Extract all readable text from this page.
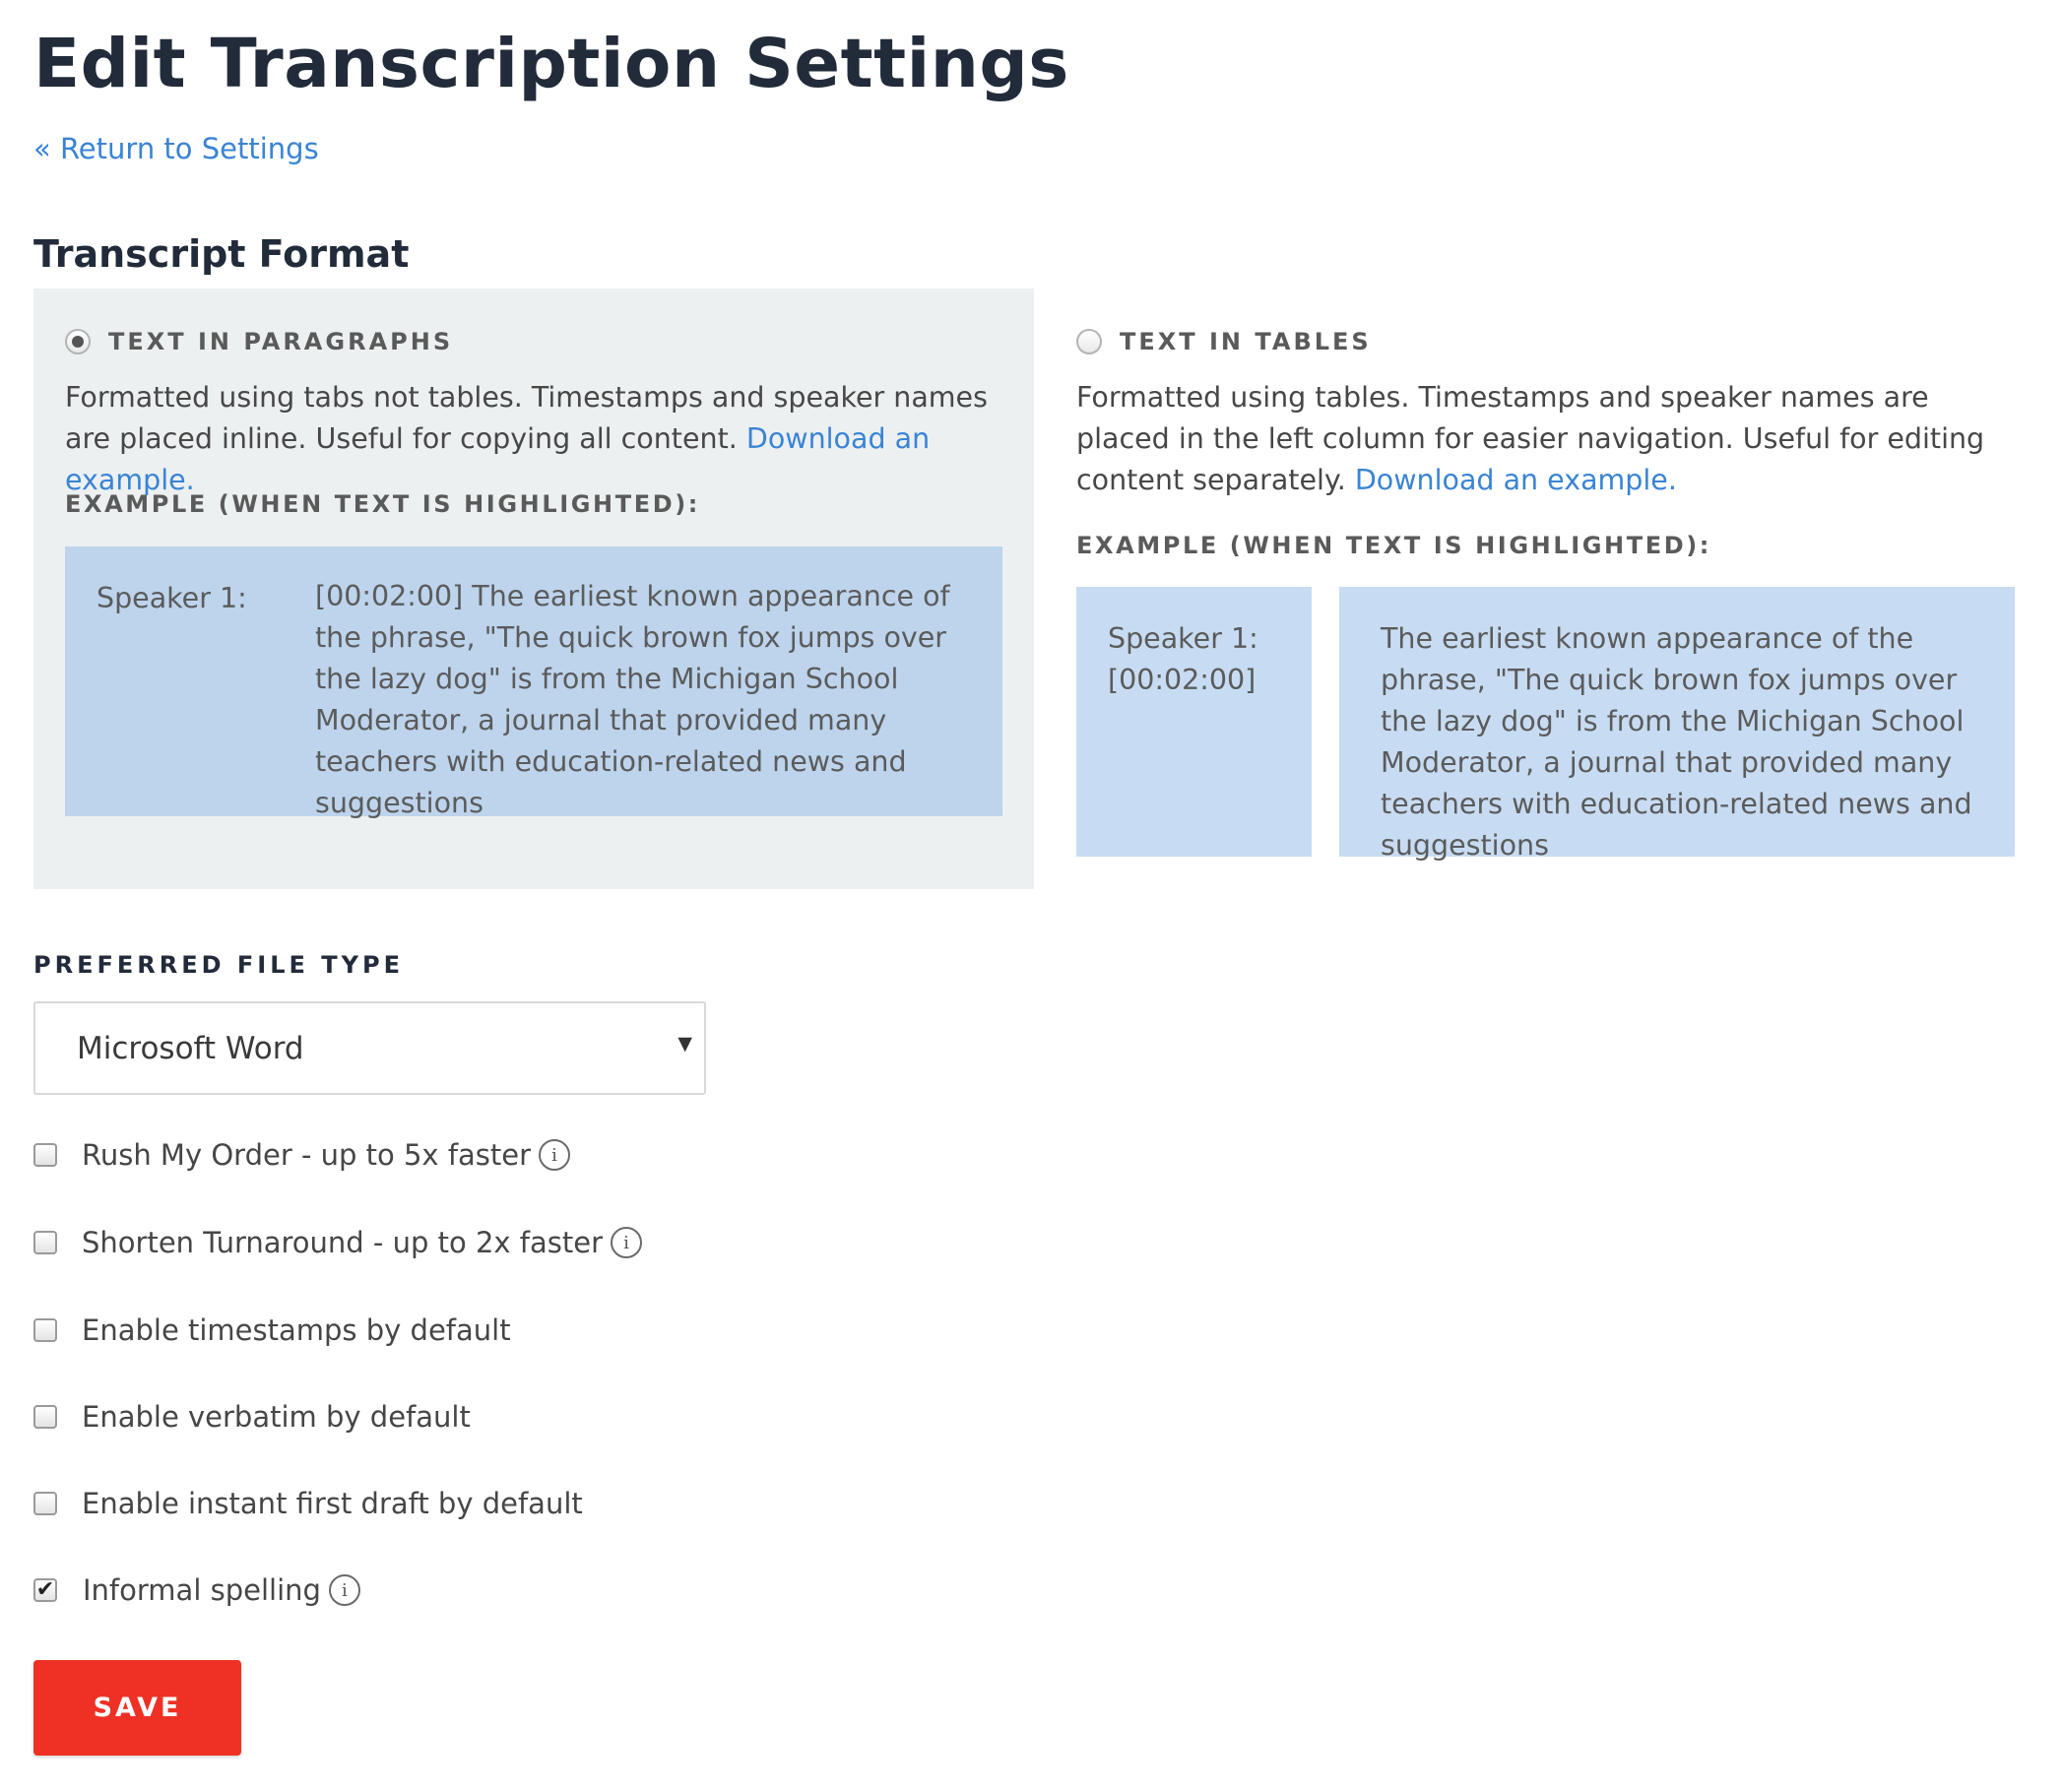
Edit Transcription Settings
« Return to Settings
Transcript Format
TEXT IN PARAGRAPHS
Formatted using tabs not tables. Timestamps and speaker names are placed inline. Useful for copying all content. Download an example.
EXAMPLE (WHEN TEXT IS HIGHLIGHTED):
Speaker 1:	[00:02:00] The earliest known appearance of the phrase, "The quick brown fox jumps over the lazy dog" is from the Michigan School Moderator, a journal that provided many teachers with education-related news and suggestions
TEXT IN TABLES
Formatted using tables. Timestamps and speaker names are placed in the left column for easier navigation. Useful for editing content separately. Download an example.
EXAMPLE (WHEN TEXT IS HIGHLIGHTED):
Speaker 1: [00:02:00]
The earliest known appearance of the phrase, "The quick brown fox jumps over the lazy dog" is from the Michigan School Moderator, a journal that provided many teachers with education-related news and suggestions
PREFERRED FILE TYPE
Microsoft Word	▼
Rush My Order - up to 5x faster	i
Shorten Turnaround - up to 2x faster	i
Enable timestamps by default
Enable verbatim by default
Enable instant first draft by default
✔ Informal spelling	i
SAVE
